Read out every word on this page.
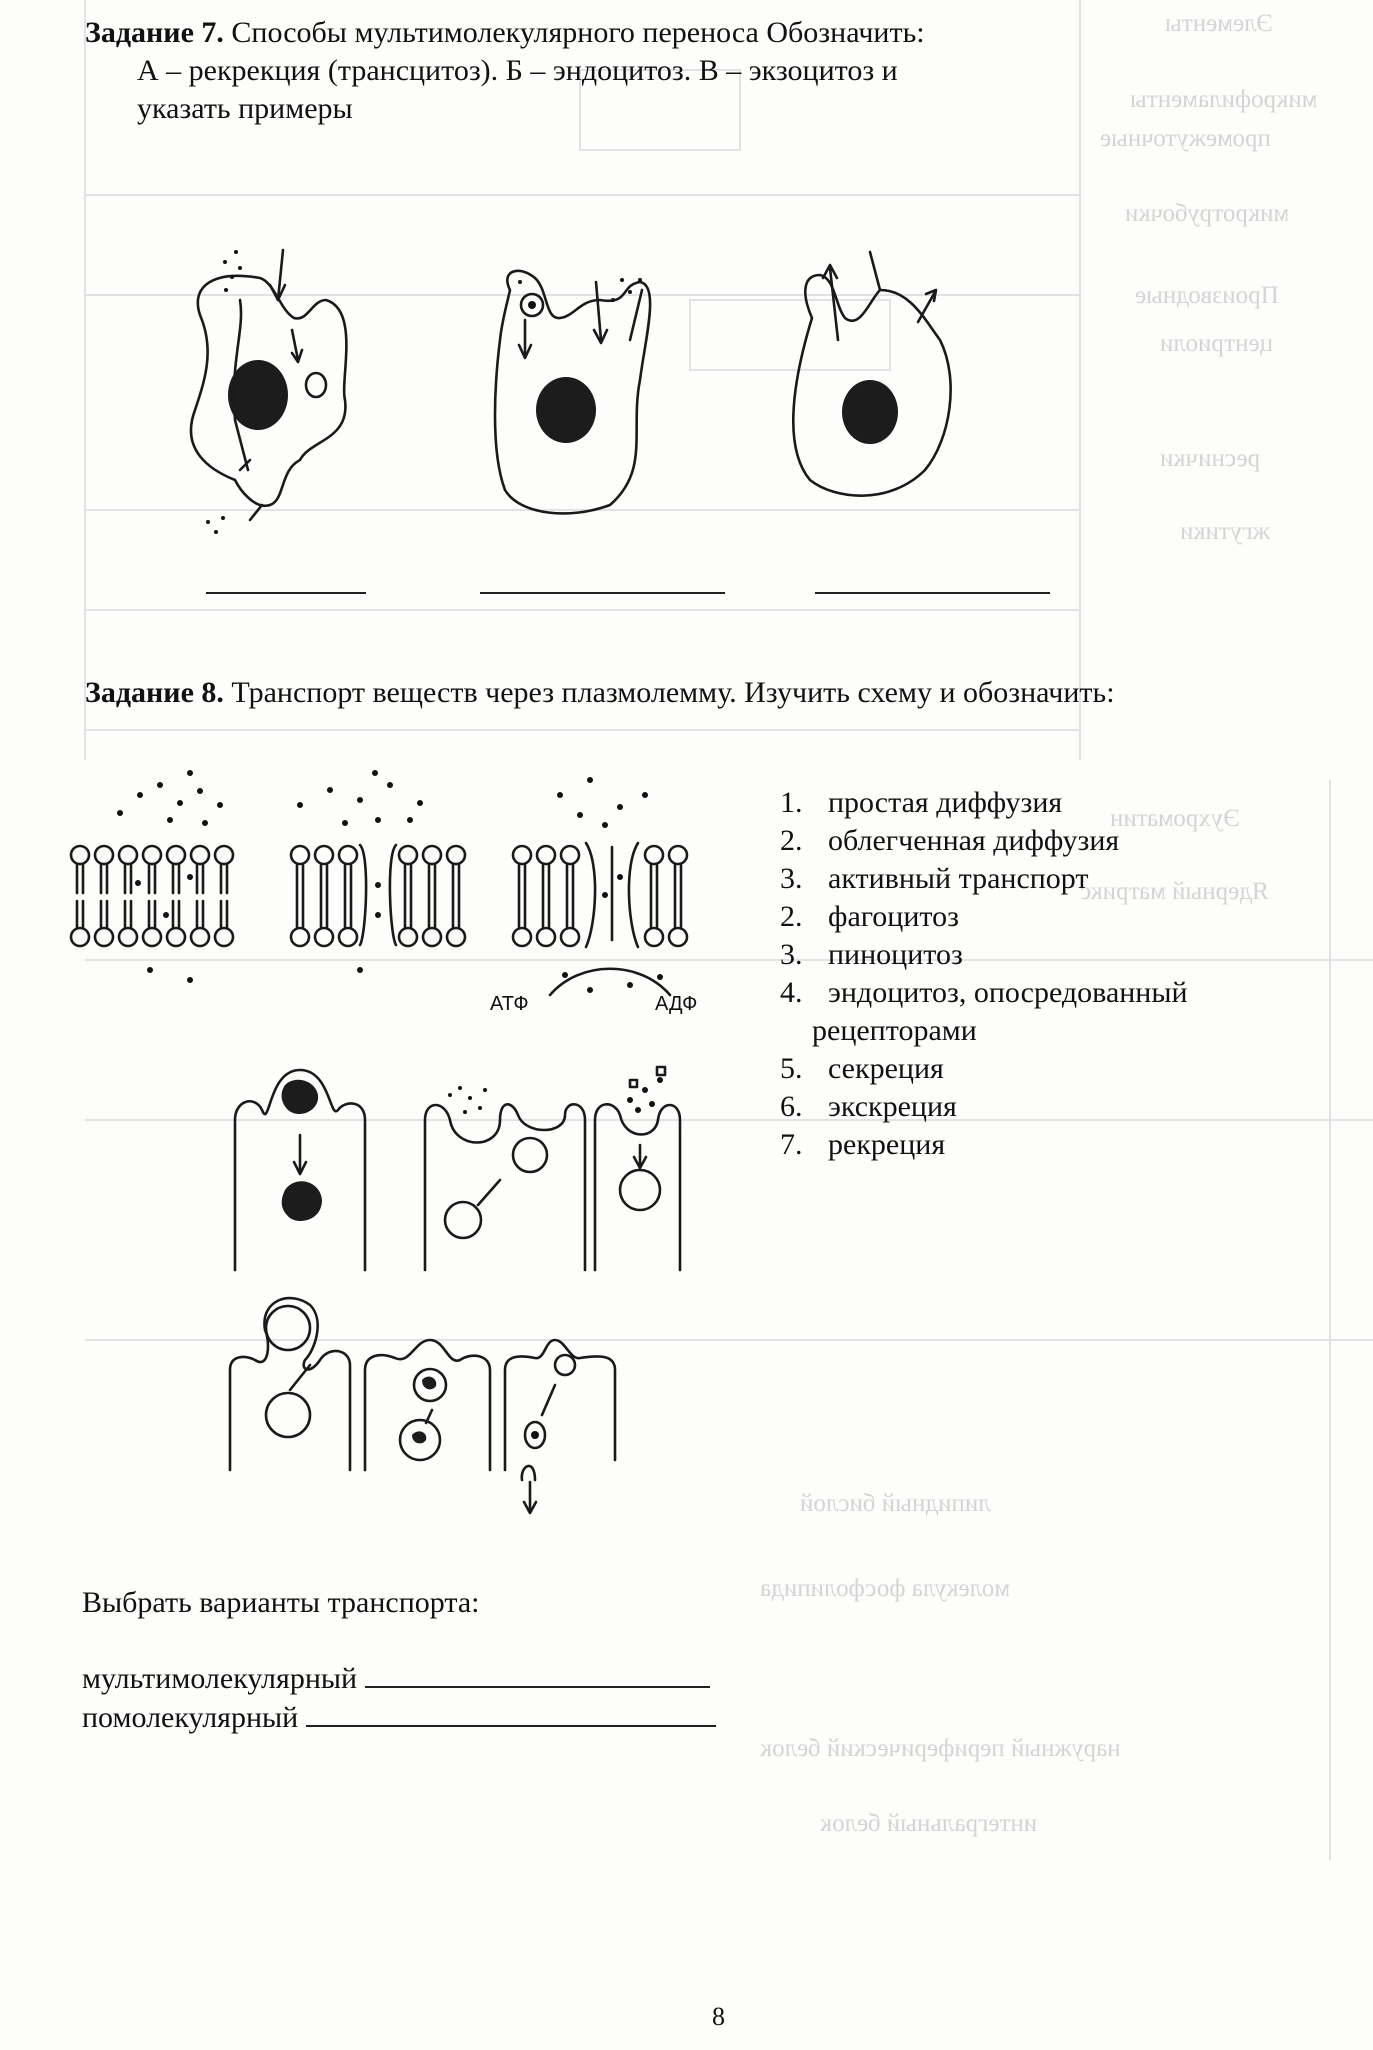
Элементы
микрофиламенты
промежуточные
микротрубочки
Производные
центриоли
реснички
жгутики
Эухроматин
Ядерный матрикс
липидный бислой
молекула фосфолипида
наружный периферический белок
интегральный белок
Задание 7. Способы мультимолекулярного переноса Обозначить:
А – рекрекция (трансцитоз). Б – эндоцитоз. В – экзоцитоз и
указать примеры
Задание 8. Транспорт веществ через плазмолемму. Изучить схему и обозначить:
АТФ	АДФ
1. простая диффузия
2. облегченная диффузия
3. активный транспорт
2. фагоцитоз
3. пиноцитоз
4. эндоцитоз, опосредованный
рецепторами
5. секреция
6. экскреция
7. рекреция
Выбрать варианты транспорта:
мультимолекулярный
помолекулярный
8
